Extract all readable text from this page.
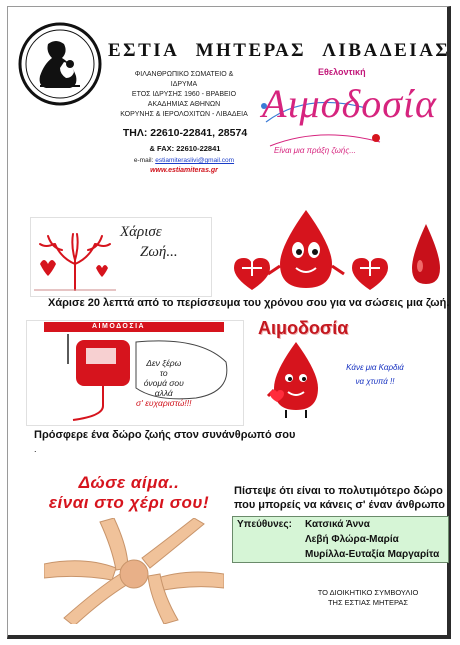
ΕΣΤΙΑ ΜΗΤΕΡΑΣ ΛΙΒΑΔΕΙΑΣ
ΦΙΛΑΝΘΡΩΠΙΚΟ ΣΩΜΑΤΕΙΟ &
ΙΔΡΥΜΑ
ΕΤΟΣ ΙΔΡΥΣΗΣ 1960 - ΒΡΑΒΕΙΟ
ΑΚΑΔΗΜΙΑΣ ΑΘΗΝΩΝ
ΚΟΡΥΝΗΣ & ΙΕΡΟΛΟΧΙΤΩΝ - ΛΙΒΑΔΕΙΑ
ΤΗΛ: 22610-22841, 28574
& FAX: 22610-22841
e-mail: estiamiteraslivi@gmail.com
www.estiamiteras.gr
Εθελοντική
Αιμοδοσία
Είναι μια πράξη ζωής...
Χάρισε
Ζωή...
Χάρισε 20 λεπτά από το περίσσευμα του χρόνου σου για να σώσεις μια ζωή.
ΑΙΜΟΔΟΣΙΑ
Δεν ξέρω
το
όνομά σου
αλλά
σ' ευχαριστώ!!!
Αιμοδοσία
Κάνε μια Καρδιά
να χτυπά !!
Πρόσφερε ένα δώρο ζωής στον συνάνθρωπό σου
.
Δώσε αίμα..
είναι στο χέρι σου!
Πίστεψε ότι είναι το πολυτιμότερο δώρο
που μπορείς να κάνεις σ' έναν άνθρωπο
Υπεύθυνες: Κατσικά Άννα
Λεβή Φλώρα-Μαρία
Μυρίλλα-Ευταξία Μαργαρίτα
ΤΟ ΔΙΟΙΚΗΤΙΚΟ ΣΥΜΒΟΥΛΙΟ
ΤΗΣ ΕΣΤΙΑΣ ΜΗΤΕΡΑΣ
